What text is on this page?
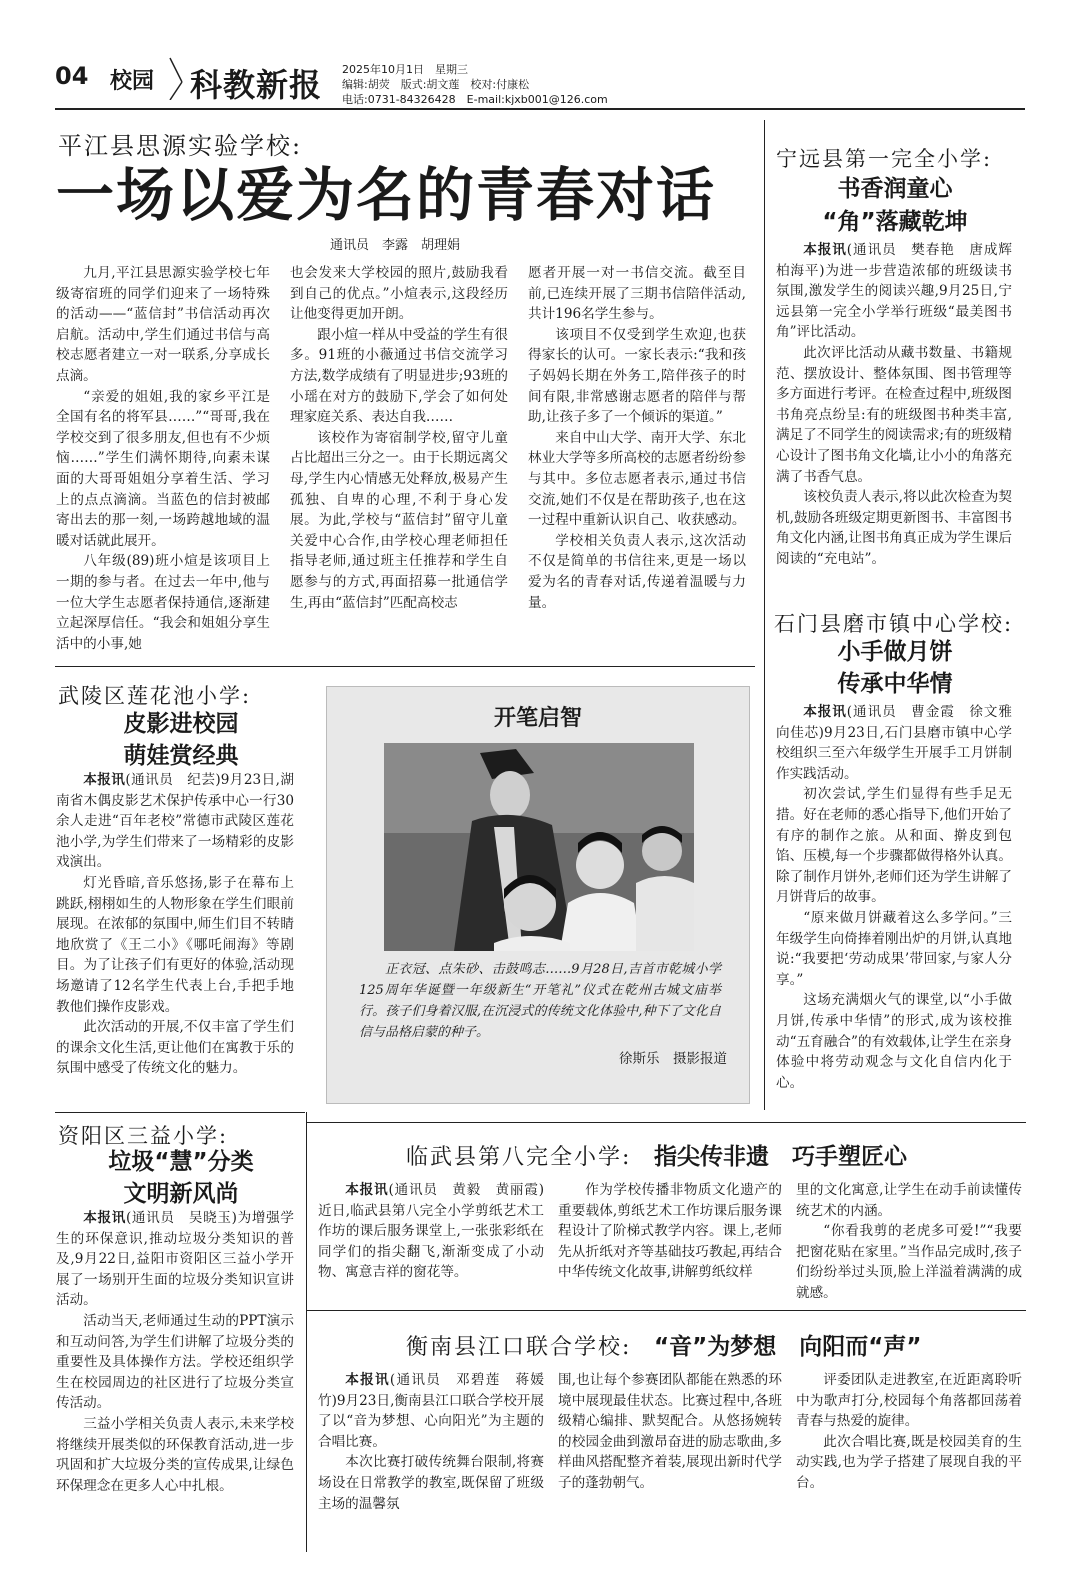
04 校园 科教新报 2025年10月1日　星期三
编辑:胡荧　版式:胡文莲　校对:付康松
电话:0731-84326428　E-mail:kjxb001@126.com
平江县思源实验学校:
一场以爱为名的青春对话
通讯员　李露　胡理娟

九月,平江县思源实验学校七年级寄宿班的同学们迎来了一场特殊的活动——“蓝信封”书信活动再次启航。活动中,学生们通过书信与高校志愿者建立一对一联系,分享成长点滴。

“亲爱的姐姐,我的家乡平江是全国有名的将军县……”“哥哥,我在学校交到了很多朋友,但也有不少烦恼……”学生们满怀期待,向素未谋面的大哥哥姐姐分享着生活、学习上的点点滴滴。当蓝色的信封被邮寄出去的那一刻,一场跨越地域的温暖对话就此展开。

八年级(89)班小煊是该项目上一期的参与者。在过去一年中,他与一位大学生志愿者保持通信,逐渐建立起深厚信任。“我会和姐姐分享生活中的小事,她

也会发来大学校园的照片,鼓励我看到自己的优点。”小煊表示,这段经历让他变得更加开朗。

跟小煊一样从中受益的学生有很多。91班的小薇通过书信交流学习方法,数学成绩有了明显进步;93班的小瑶在对方的鼓励下,学会了如何处理家庭关系、表达自我……

该校作为寄宿制学校,留守儿童占比超出三分之一。由于长期远离父母,学生内心情感无处释放,极易产生孤独、自卑的心理,不利于身心发展。为此,学校与“蓝信封”留守儿童关爱中心合作,由学校心理老师担任指导老师,通过班主任推荐和学生自愿参与的方式,再面招募一批通信学生,再由“蓝信封”匹配高校志

愿者开展一对一书信交流。截至目前,已连续开展了三期书信陪伴活动,共计196名学生参与。

该项目不仅受到学生欢迎,也获得家长的认可。一家长表示:“我和孩子妈妈长期在外务工,陪伴孩子的时间有限,非常感谢志愿者的陪伴与帮助,让孩子多了一个倾诉的渠道。”

来自中山大学、南开大学、东北林业大学等多所高校的志愿者纷纷参与其中。多位志愿者表示,通过书信交流,她们不仅是在帮助孩子,也在这一过程中重新认识自己、收获感动。

学校相关负责人表示,这次活动不仅是简单的书信往来,更是一场以爱为名的青春对话,传递着温暖与力量。

宁远县第一完全小学:
书香润童心
“角”落藏乾坤

本报讯(通讯员　樊春艳　唐成辉　柏海平)为进一步营造浓郁的班级读书氛围,激发学生的阅读兴趣,9月25日,宁远县第一完全小学举行班级“最美图书角”评比活动。

此次评比活动从藏书数量、书籍规范、摆放设计、整体氛围、图书管理等多方面进行考评。在检查过程中,班级图书角亮点纷呈:有的班级图书种类丰富,满足了不同学生的阅读需求;有的班级精心设计了图书角文化墙,让小小的角落充满了书香气息。

该校负责人表示,将以此次检查为契机,鼓励各班级定期更新图书、丰富图书角文化内涵,让图书角真正成为学生课后阅读的“充电站”。

石门县磨市镇中心学校:
小手做月饼
传承中华情

本报讯(通讯员　曹金霞　徐文雅　向佳芯)9月23日,石门县磨市镇中心学校组织三至六年级学生开展手工月饼制作实践活动。

初次尝试,学生们显得有些手足无措。好在老师的悉心指导下,他们开始了有序的制作之旅。从和面、擀皮到包馅、压模,每一个步骤都做得格外认真。除了制作月饼外,老师们还为学生讲解了月饼背后的故事。

“原来做月饼藏着这么多学问。”三年级学生向倚捧着刚出炉的月饼,认真地说:“我要把‘劳动成果’带回家,与家人分享。”

这场充满烟火气的课堂,以“小手做月饼,传承中华情”的形式,成为该校推动“五育融合”的有效载体,让学生在亲身体验中将劳动观念与文化自信内化于心。

武陵区莲花池小学:
皮影进校园
萌娃赏经典

本报讯(通讯员　纪芸)9月23日,湖南省木偶皮影艺术保护传承中心一行30余人走进“百年老校”常德市武陵区莲花池小学,为学生们带来了一场精彩的皮影戏演出。

灯光昏暗,音乐悠扬,影子在幕布上跳跃,栩栩如生的人物形象在学生们眼前展现。在浓郁的氛围中,师生们目不转睛地欣赏了《王二小》《哪吒闹海》等剧目。为了让孩子们有更好的体验,活动现场邀请了12名学生代表上台,手把手地教他们操作皮影戏。

此次活动的开展,不仅丰富了学生们的课余文化生活,更让他们在寓教于乐的氛围中感受了传统文化的魅力。

开笔启智

正衣冠、点朱砂、击鼓鸣志……9月28日,吉首市乾城小学125周年华诞暨一年级新生“开笔礼”仪式在乾州古城文庙举行。孩子们身着汉服,在沉浸式的传统文化体验中,种下了文化自信与品格启蒙的种子。

徐斯乐　摄影报道
资阳区三益小学:
垃圾“慧”分类
文明新风尚

本报讯(通讯员　吴晓玉)为增强学生的环保意识,推动垃圾分类知识的普及,9月22日,益阳市资阳区三益小学开展了一场别开生面的垃圾分类知识宣讲活动。

活动当天,老师通过生动的PPT演示和互动问答,为学生们讲解了垃圾分类的重要性及具体操作方法。学校还组织学生在校园周边的社区进行了垃圾分类宣传活动。

三益小学相关负责人表示,未来学校将继续开展类似的环保教育活动,进一步巩固和扩大垃圾分类的宣传成果,让绿色环保理念在更多人心中扎根。

临武县第八完全小学: 指尖传非遗　巧手塑匠心

本报讯(通讯员　黄毅　黄丽霞)近日,临武县第八完全小学剪纸艺术工作坊的课后服务课堂上,一张张彩纸在同学们的指尖翻飞,渐渐变成了小动物、寓意吉祥的窗花等。

作为学校传播非物质文化遗产的重要载体,剪纸艺术工作坊课后服务课程设计了阶梯式教学内容。课上,老师先从折纸对齐等基础技巧教起,再结合中华传统文化故事,讲解剪纸纹样

里的文化寓意,让学生在动手前读懂传统艺术的内涵。

“你看我剪的老虎多可爱!”“我要把窗花贴在家里。”当作品完成时,孩子们纷纷举过头顶,脸上洋溢着满满的成就感。

衡南县江口联合学校: “音”为梦想　向阳而“声”

本报讯(通讯员　邓碧莲　蒋媛竹)9月23日,衡南县江口联合学校开展了以“音为梦想、心向阳光”为主题的合唱比赛。

本次比赛打破传统舞台限制,将赛场设在日常教学的教室,既保留了班级主场的温馨氛

围,也让每个参赛团队都能在熟悉的环境中展现最佳状态。比赛过程中,各班级精心编排、默契配合。从悠扬婉转的校园金曲到激昂奋进的励志歌曲,多样曲风搭配整齐着装,展现出新时代学子的蓬勃朝气。

评委团队走进教室,在近距离聆听中为歌声打分,校园每个角落都回荡着青春与热爱的旋律。

此次合唱比赛,既是校园美育的生动实践,也为学子搭建了展现自我的平台。
